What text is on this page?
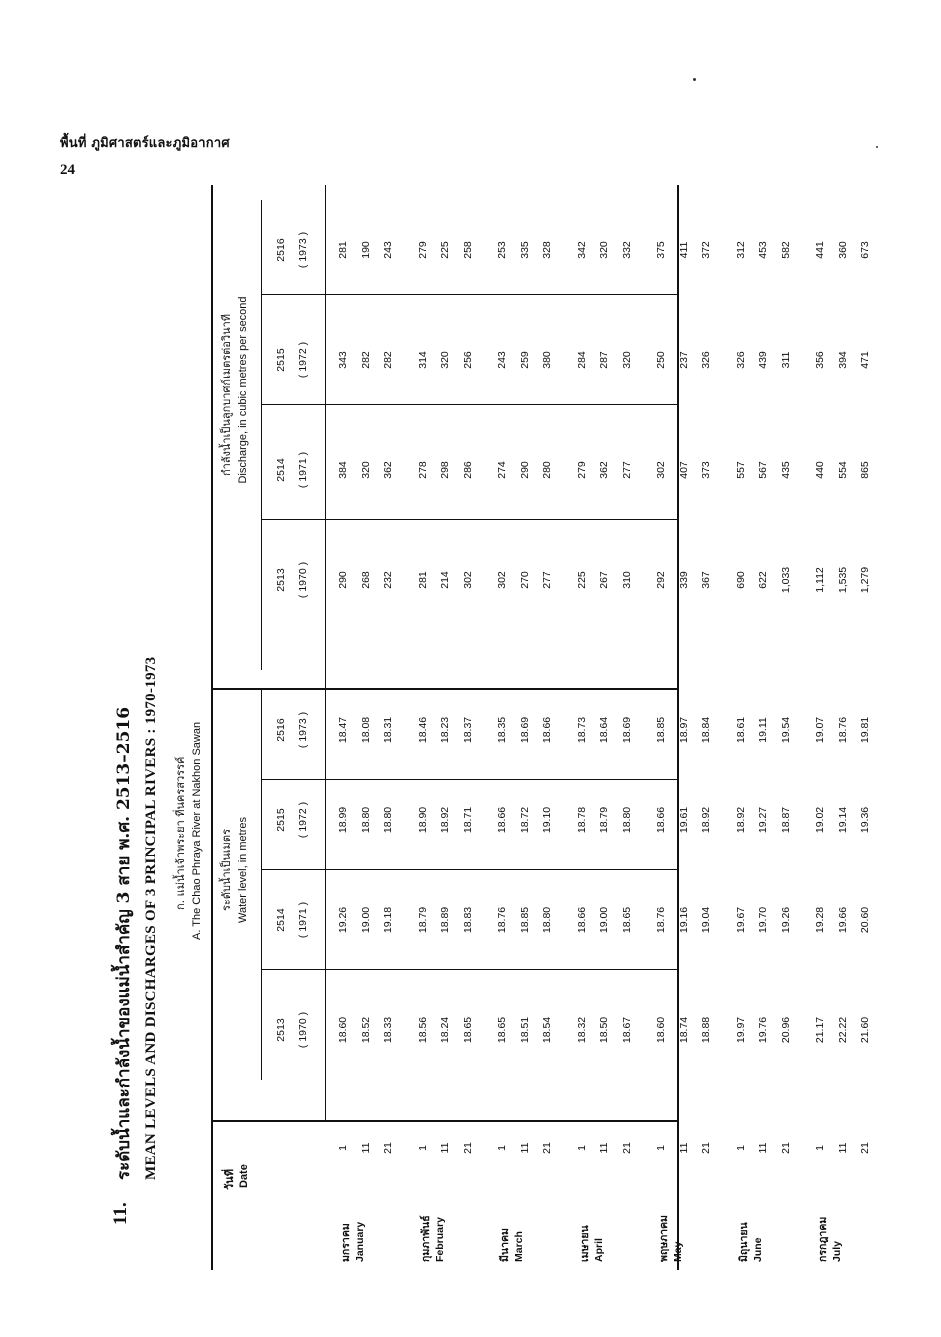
พื้นที่ ภูมิศาสตร์และภูมิอากาศ
24
11.
ระดับน้ำและกำลังน้ำของแม่น้ำสำคัญ 3 สาย พ.ศ. 2513–2516 MEAN LEVELS AND DISCHARGES OF 3 PRINCIPAL RIVERS : 1970-1973 ก. แม่น้ำเจ้าพระยา ที่นครสวรรค์ A. The Chao Phraya River at Nakhon Sawan ระดับน้ำเป็นเมตร Water level, in metres
กำลังน้ำเป็นลูกบาศก์เมตรต่อวินาที Discharge, in cubic metres per second
วันที่ Date
2513 ( 1970 )
2513 ( 1970 )
2514 ( 1971 )
2514 ( 1971 )
2515 ( 1972 )
2515 ( 1972 )
2516 ( 1973 )
2516 ( 1973 )
มกราคม January
1
18.60
19.26
18.99
18.47
290
384
343
281
11
18.52
19.00
18.80
18.08
268
320
282
190
21
18.33
19.18
18.80
18.31
232
362
282
243
กุมภาพันธ์ February
1
18.56
18.79
18.90
18.46
281
278
314
279
11
18.24
18.89
18.92
18.23
214
298
320
225
21
18.65
18.83
18.71
18.37
302
286
256
258
มีนาคม March
1
18.65
18.76
18.66
18.35
302
274
243
253
11
18.51
18.85
18.72
18.69
270
290
259
335
21
18.54
18.80
19.10
18.66
277
280
380
328
เมษายน April
1
18.32
18.66
18.78
18.73
225
279
284
342
11
18.50
19.00
18.79
18.64
267
362
287
320
21
18.67
18.65
18.80
18.69
310
277
320
332
พฤษภาคม May
1
18.60
18.76
18.66
18.85
292
302
250
375
11
18.74
19.16
19.61
18.97
339
407
237
411
21
18.88
19.04
18.92
18.84
367
373
326
372
มิถุนายน June
1
19.97
19.67
18.92
18.61
690
557
326
312
11
19.76
19.70
19.27
19.11
622
567
439
453
21
20.96
19.26
18.87
19.54
1,033
435
311
582
กรกฎาคม July
1
21.17
19.28
19.02
19.07
1,112
440
356
441
11
22.22
19.66
19.14
18.76
1,535
554
394
360
21
21.60
20.60
19.36
19.81
1,279
865
471
673
